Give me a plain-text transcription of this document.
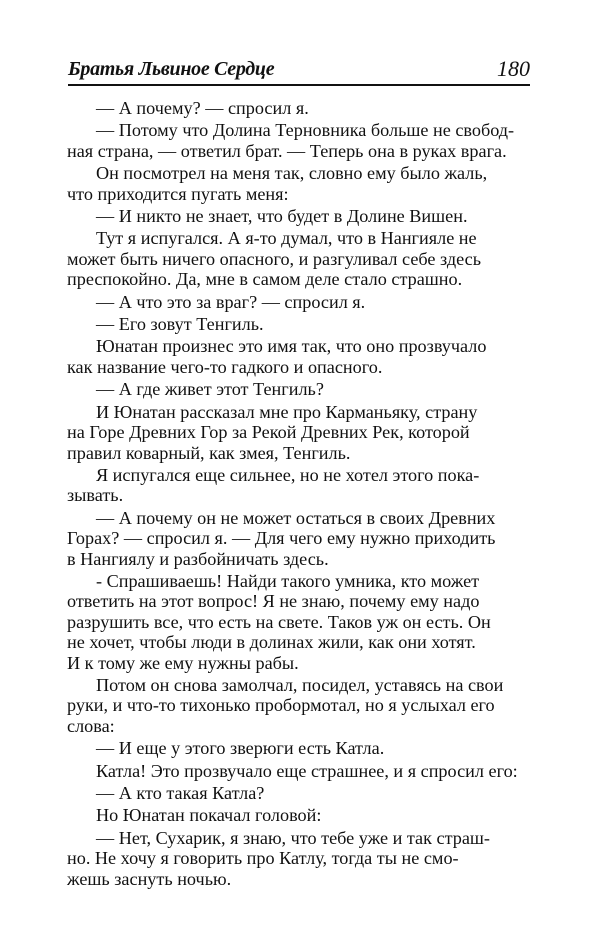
Братья Львиное Сердце	180

— А почему? — спросил я.

— Потому что Долина Терновника больше не свобод-
ная страна, — ответил брат. — Теперь она в руках врага.

Он посмотрел на меня так, словно ему было жаль,
что приходится пугать меня:

— И никто не знает, что будет в Долине Вишен.

Тут я испугался. А я-то думал, что в Нангияле не
может быть ничего опасного, и разгуливал себе здесь
преспокойно. Да, мне в самом деле стало страшно.

— А что это за враг? — спросил я.

— Его зовут Тенгиль.

Юнатан произнес это имя так, что оно прозвучало
как название чего-то гадкого и опасного.

— А где живет этот Тенгиль?

И Юнатан рассказал мне про Карманьяку, страну
на Горе Древних Гор за Рекой Древних Рек, которой
правил коварный, как змея, Тенгиль.

Я испугался еще сильнее, но не хотел этого пока-
зывать.

— А почему он не может остаться в своих Древних
Горах? — спросил я. — Для чего ему нужно приходить
в Нангиялу и разбойничать здесь.

- Спрашиваешь! Найди такого умника, кто может
ответить на этот вопрос! Я не знаю, почему ему надо
разрушить все, что есть на свете. Таков уж он есть. Он
не хочет, чтобы люди в долинах жили, как они хотят.
И к тому же ему нужны рабы.

Потом он снова замолчал, посидел, уставясь на свои
руки, и что-то тихонько пробормотал, но я услыхал его
слова:

— И еще у этого зверюги есть Катла.

Катла! Это прозвучало еще страшнее, и я спросил его:

— А кто такая Катла?

Но Юнатан покачал головой:

— Нет, Сухарик, я знаю, что тебе уже и так страш-
но. Не хочу я говорить про Катлу, тогда ты не смо-
жешь заснуть ночью.
